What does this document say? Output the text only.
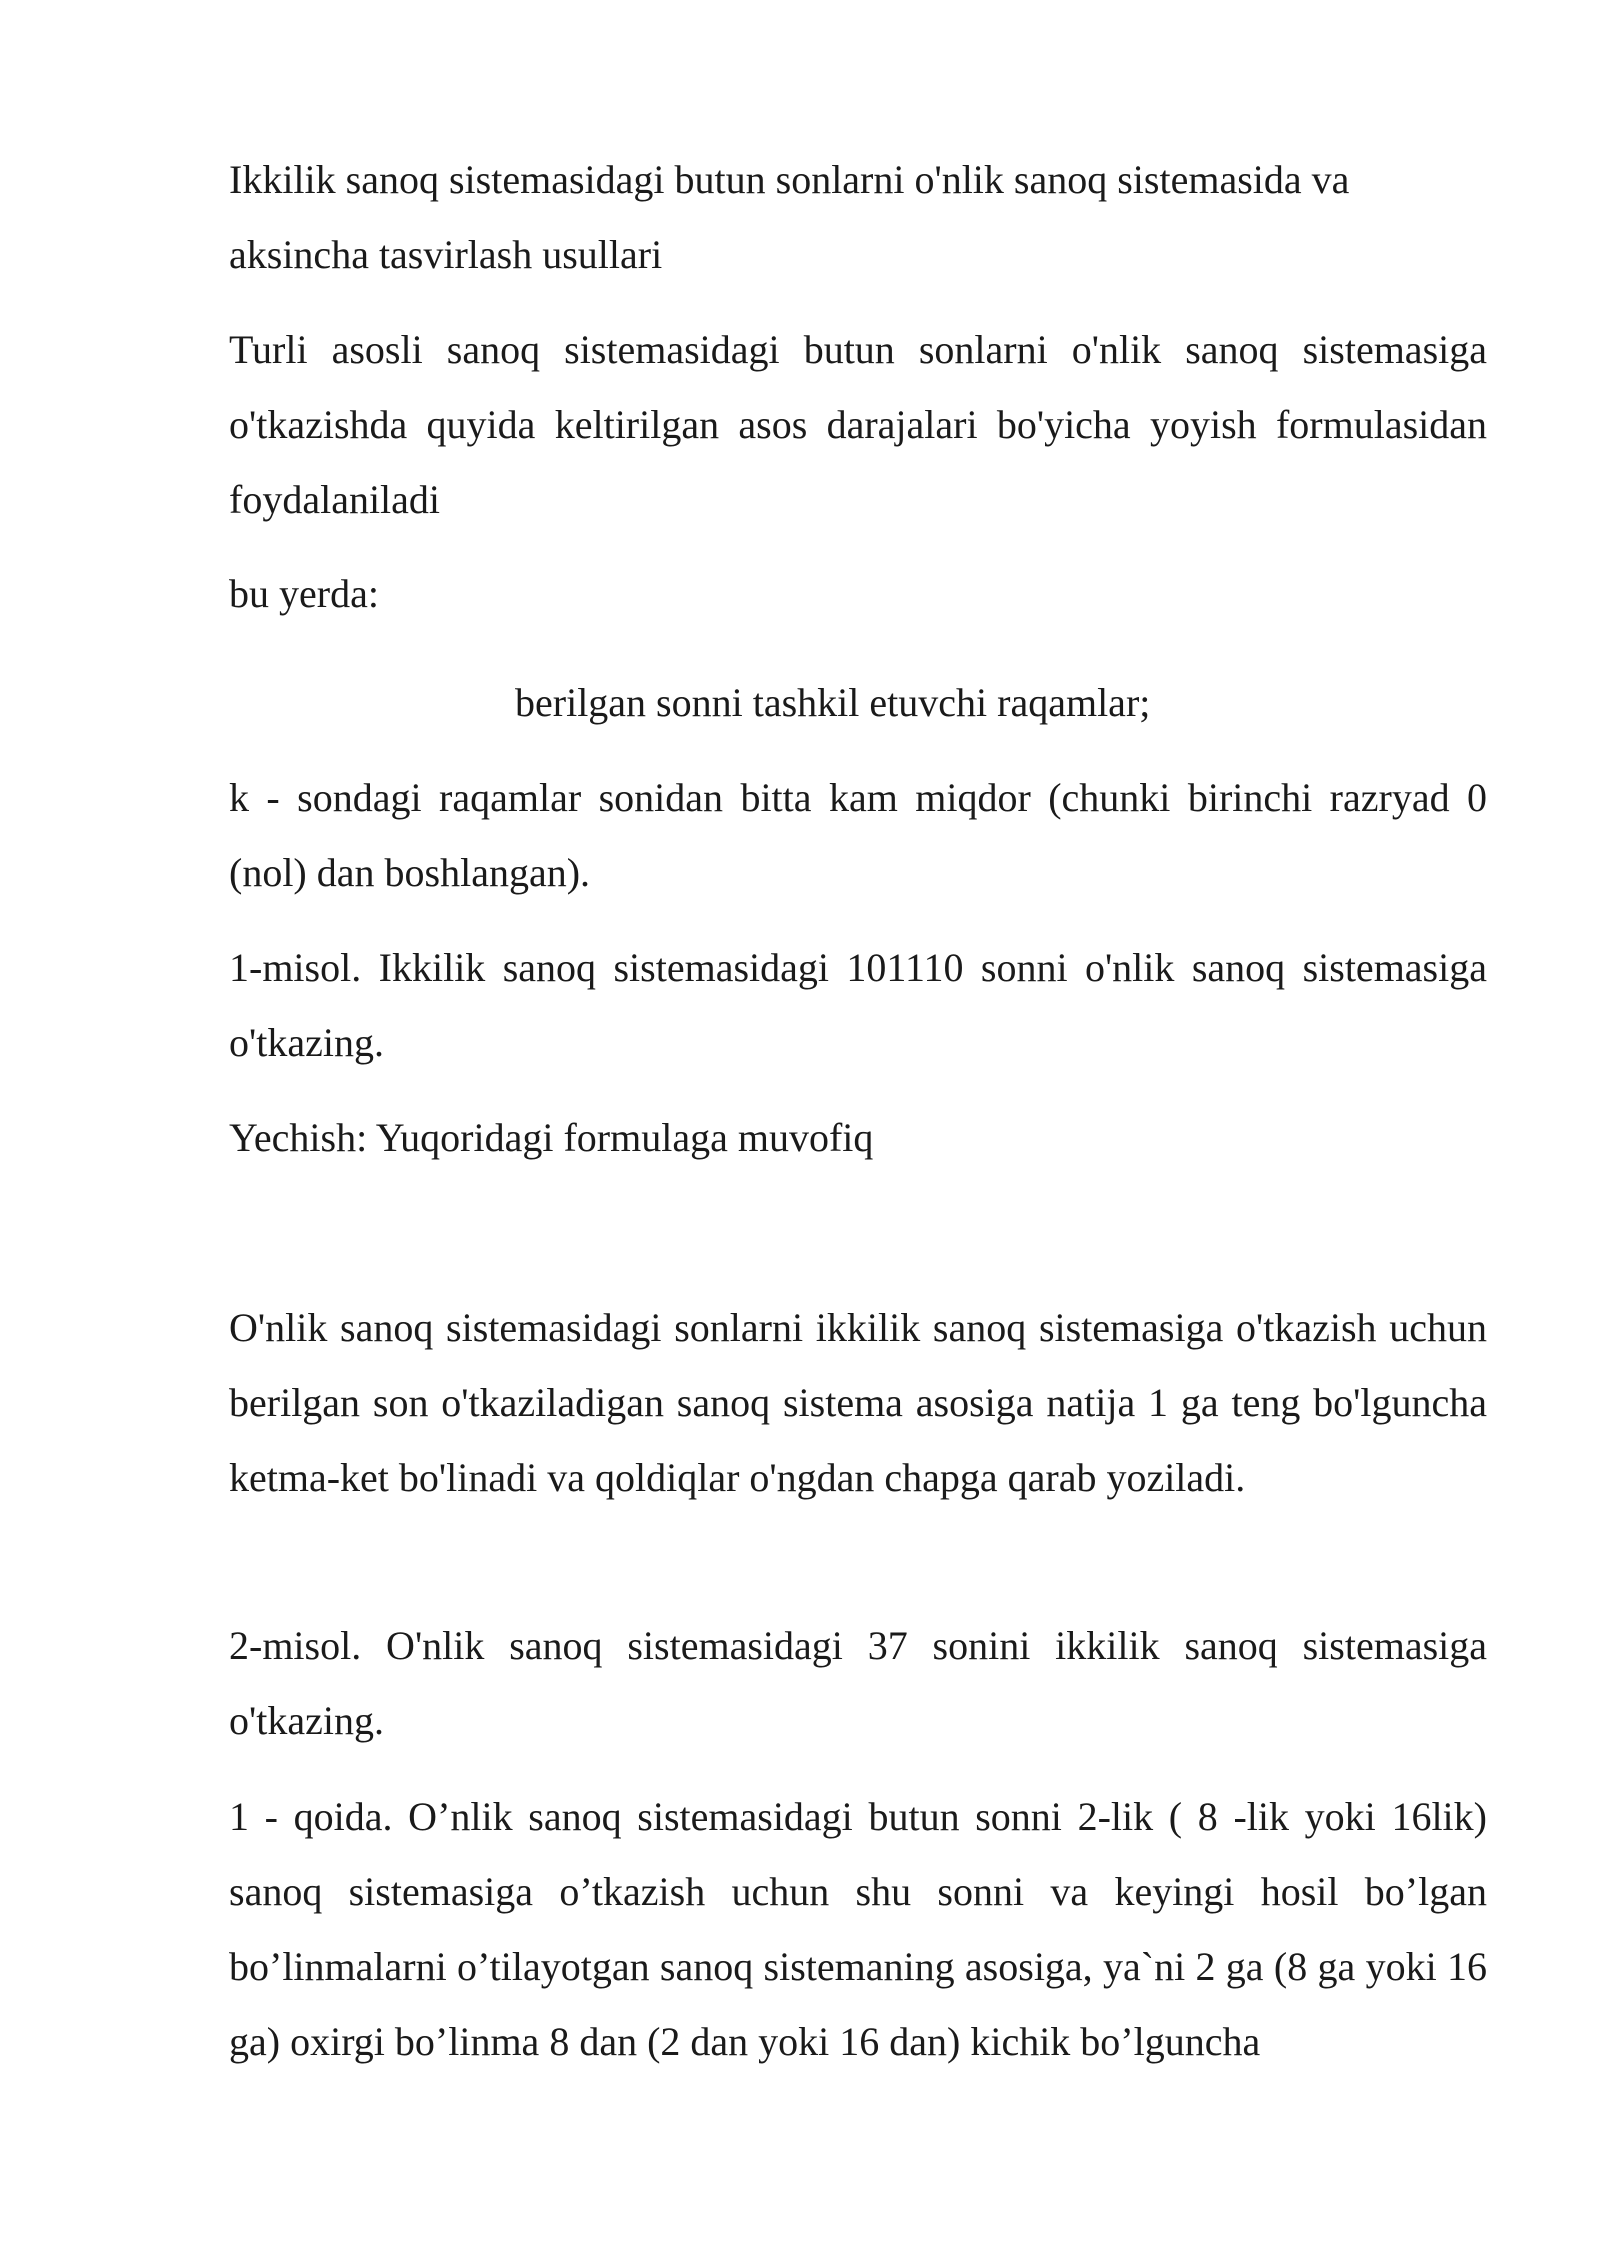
Ikkilik sanoq sistemasidagi butun sonlarni o'nlik sanoq sistemasida va aksincha tasvirlash usullari

Turli asosli sanoq sistemasidagi butun sonlarni o'nlik sanoq sistemasiga o'tkazishda quyida keltirilgan asos darajalari bo'yicha yoyish formulasidan foydalaniladi

bu yerda:

berilgan sonni tashkil etuvchi raqamlar;

k - sondagi raqamlar sonidan bitta kam miqdor (chunki birinchi razryad 0 (nol) dan boshlangan).

1-misol. Ikkilik sanoq sistemasidagi 101110 sonni o'nlik sanoq sistemasiga o'tkazing.

Yechish: Yuqoridagi formulaga muvofiq

O'nlik sanoq sistemasidagi sonlarni ikkilik sanoq sistemasiga o'tkazish uchun berilgan son o'tkaziladigan sanoq sistema asosiga natija 1 ga teng bo'lguncha ketma-ket bo'linadi va qoldiqlar o'ngdan chapga qarab yoziladi.

2-misol. O'nlik sanoq sistemasidagi 37 sonini ikkilik sanoq sistemasiga o'tkazing.

1 - qoida. O’nlik sanoq sistemasidagi butun sonni 2-lik ( 8 -lik yoki 16lik) sanoq sistemasiga o’tkazish uchun shu sonni va keyingi hosil bo’lgan bo’linmalarni o’tilayotgan sanoq sistemaning asosiga, ya`ni 2 ga (8 ga yoki 16 ga) oxirgi bo’linma 8 dan (2 dan yoki 16 dan) kichik bo’lguncha
